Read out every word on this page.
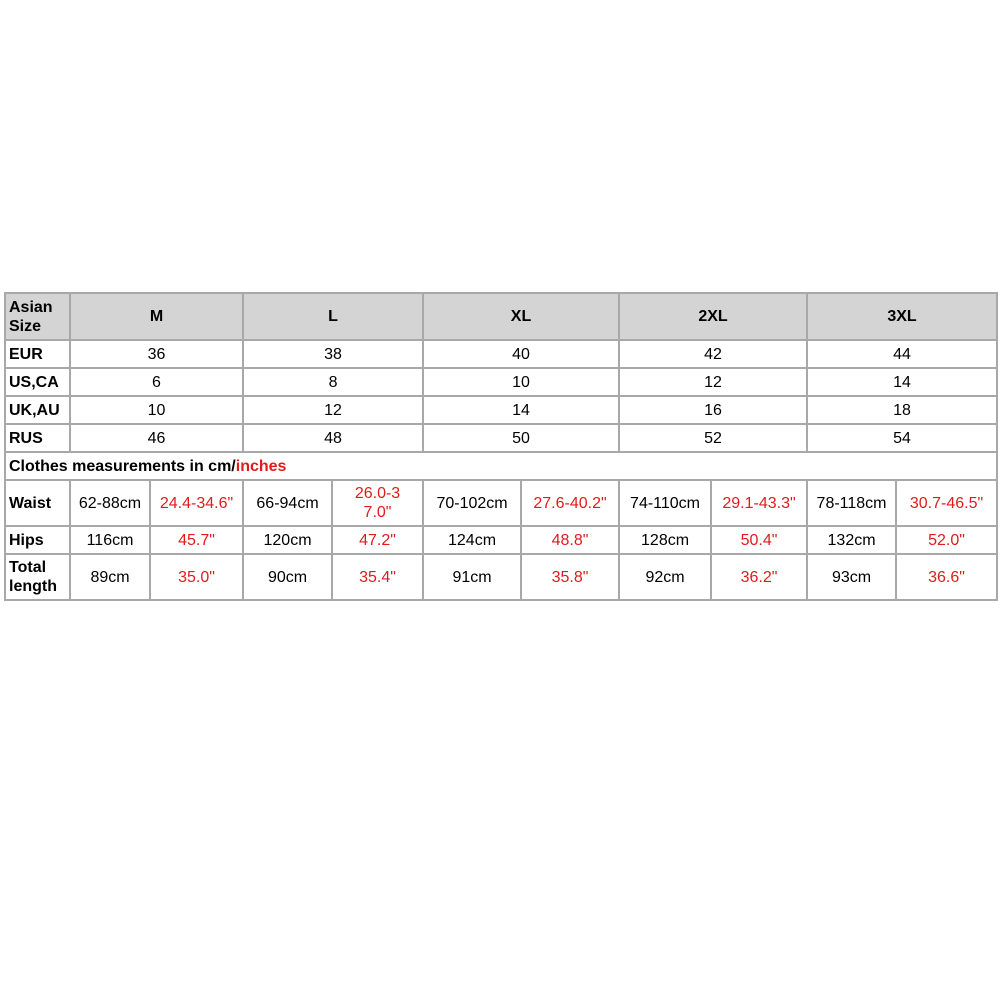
Asian Size	M		L		XL		2XL		3XL	
EUR	36		38		40		42		44	
US,CA	6		8		10		12		14	
UK,AU	10		12		14		16		18	
RUS	46		48		50		52		54	
Clothes measurements in cm/inches										
Waist	62-88cm	24.4-34.6"	66-94cm	26.0-37.0"	70-102cm	27.6-40.2"	74-110cm	29.1-43.3"	78-118cm	30.7-46.5"
Hips	116cm	45.7"	120cm	47.2"	124cm	48.8"	128cm	50.4"	132cm	52.0"
Total length	89cm	35.0"	90cm	35.4"	91cm	35.8"	92cm	36.2"	93cm	36.6"
